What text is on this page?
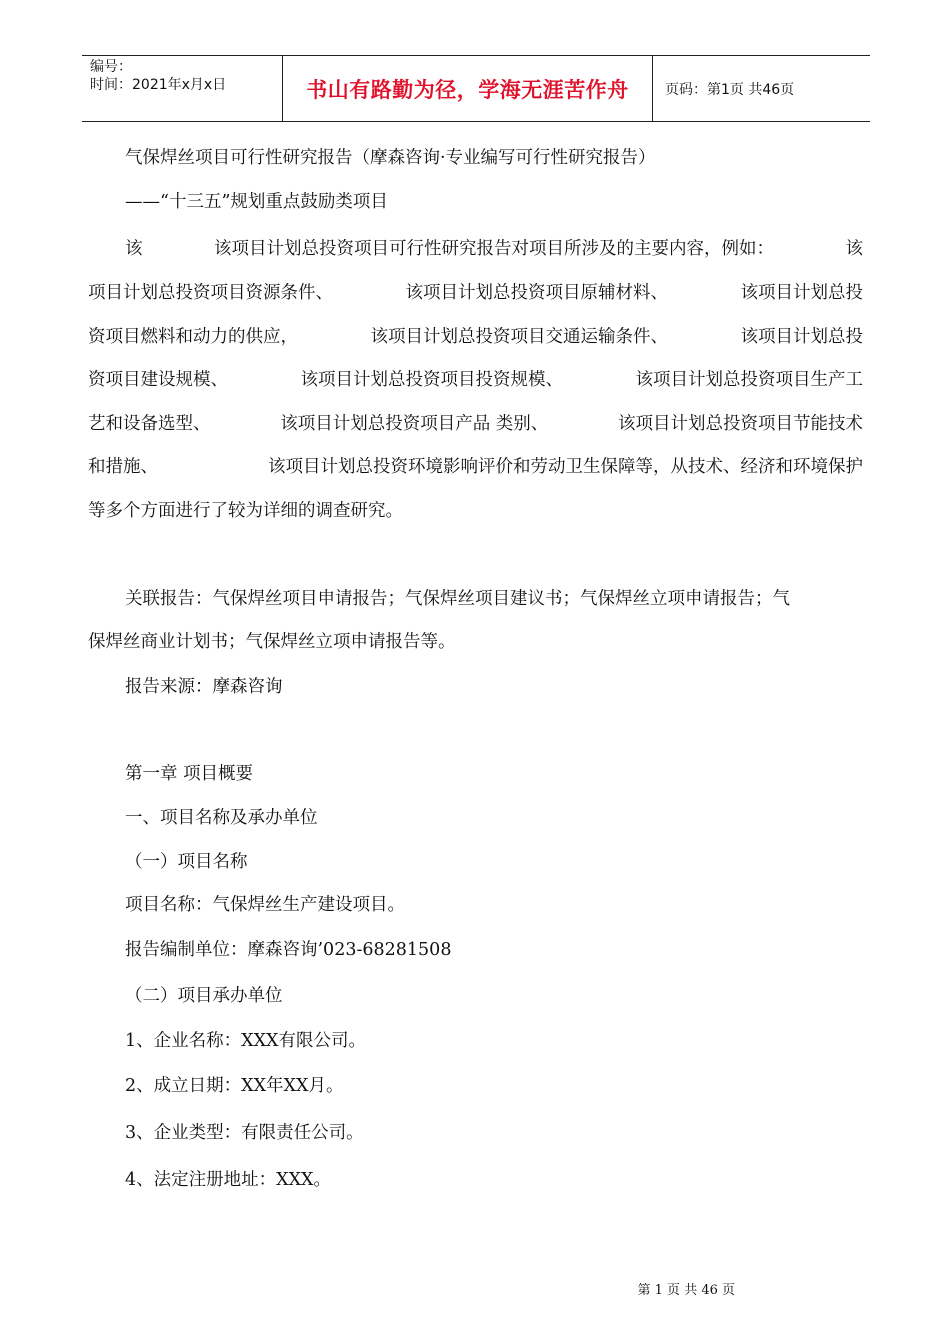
编号：
时间：2021年x月x日	书山有路勤为径，学海无涯苦作舟	页码：第1页 共46页
气保焊丝项目可行性研究报告（摩森咨询·专业编写可行性研究报告）
——“十三五”规划重点鼓励类项目
该	该项目计划总投资项目可行性研究报告对项目所涉及的主要内容，例如：	该
项目计划总投资项目资源条件、	该项目计划总投资项目原辅材料、	该项目计划总投
资项目燃料和动力的供应，	该项目计划总投资项目交通运输条件、	该项目计划总投
资项目建设规模、	该项目计划总投资项目投资规模、	该项目计划总投资项目生产工
艺和设备选型、	该项目计划总投资项目产品 类别、	该项目计划总投资项目节能技术
和措施、	该项目计划总投资环境影响评价和劳动卫生保障等，从技术、经济和环境保护
等多个方面进行了较为详细的调查研究。
关联报告：气保焊丝项目申请报告；气保焊丝项目建议书；气保焊丝立项申请报告；气
保焊丝商业计划书；气保焊丝立项申请报告等。
报告来源：摩森咨询
第一章 项目概要
一、项目名称及承办单位
（一）项目名称
项目名称：气保焊丝生产建设项目。
报告编制单位：摩森咨询’023-68281508
（二）项目承办单位
1、企业名称：XXX有限公司。
2、成立日期：XX年XX月。
3、企业类型：有限责任公司。
4、法定注册地址：XXX。
第 1 页 共 46 页
